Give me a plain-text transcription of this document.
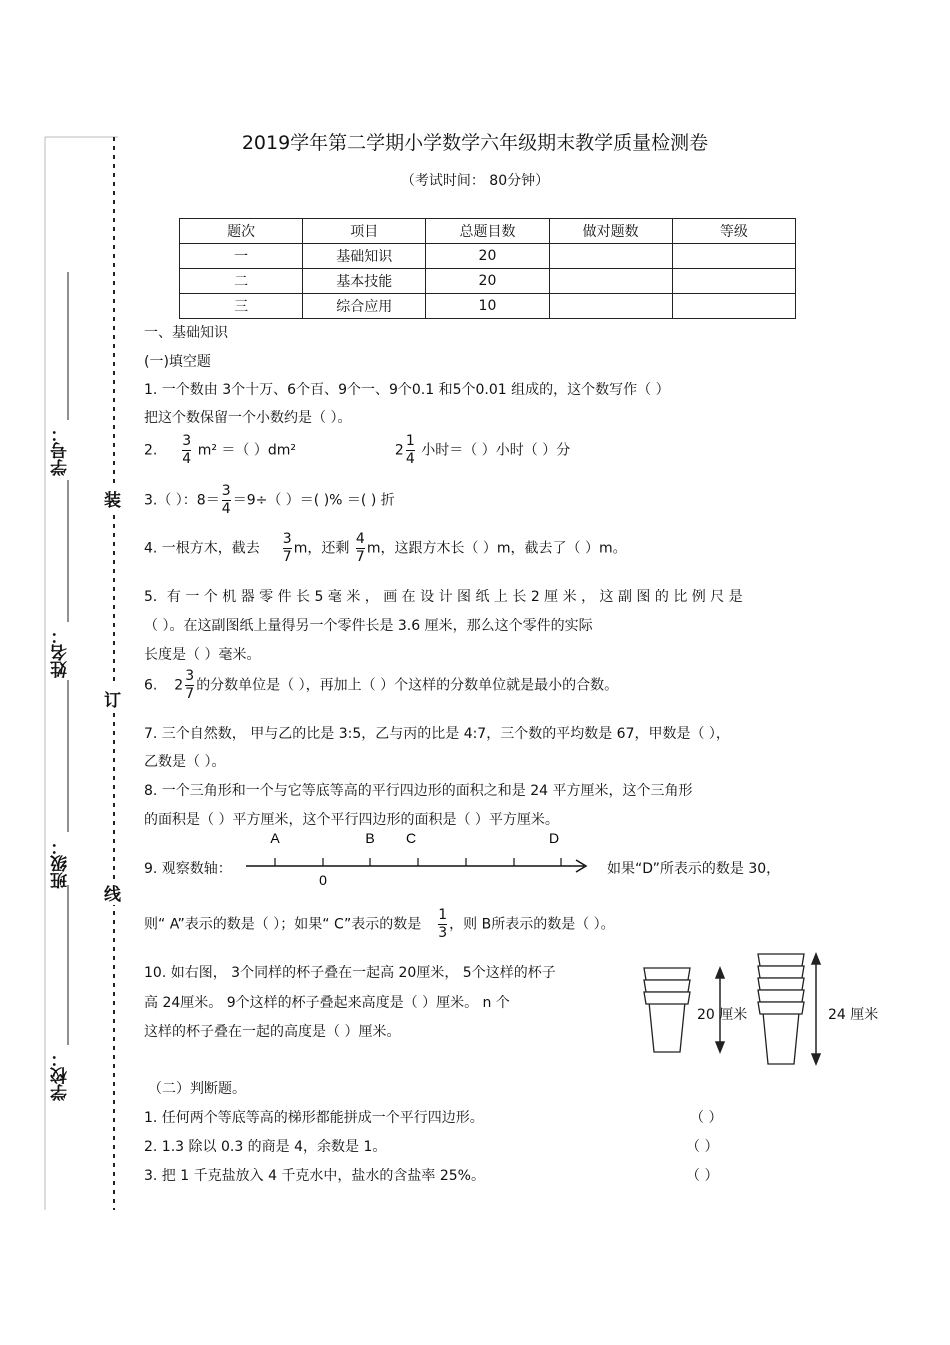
学号：
姓名：
班级：
学校：
装
订
线
2019学年第二学期小学数学六年级期末教学质量检测卷
（考试时间： 80分钟）
题次	项目	总题目数	做对题数	等级
一	基础知识	20		
二	基本技能	20		
三	综合应用	10		
一、基础知识
(一)填空题
1. 一个数由 3个十万、6个百、9个一、9个0.1 和5个0.01 组成的，这个数写作（ ）
把这个数保留一个小数约是（ ）。
2. $\frac{3}{4} m^2$ ＝（ ）dm²	$2 \frac{1}{4}$ 小时＝（ ）小时（ ）分
3.（ ）：$8= \frac{3}{4} =9\div$（ ）＝( )% ＝( ) 折
4. 一根方木，截去 $\frac{3}{7}$ m，还剩 $\frac{4}{7}$ m，这跟方木长（ ）m，截去了（ ）m。
5．有 一 个 机 器 零 件 长 5 毫 米 ， 画 在 设 计 图 纸 上 长 2 厘 米 ， 这 副 图 的 比 例 尺 是
（ ）。在这副图纸上量得另一个零件长是 3.6 厘米，那么这个零件的实际
长度是（ ）毫米。
6. $2 \frac{3}{7}$ 的分数单位是（ ），再加上（ ）个这样的分数单位就是最小的合数。
7. 三个自然数， 甲与乙的比是 3:5，乙与丙的比是 4:7，三个数的平均数是 67，甲数是（ ），
乙数是（ ）。
8. 一个三角形和一个与它等底等高的平行四边形的面积之和是 24 平方厘米，这个三角形
的面积是（ ）平方厘米，这个平行四边形的面积是（ ）平方厘米。
9. 观察数轴：
A	B C	D
0
如果“D”所表示的数是 30，
则“ A”表示的数是（ ）；如果“ C”表示的数是 $\frac{1}{3}$ ，则 B所表示的数是（ ）。
10. 如右图， 3个同样的杯子叠在一起高 20厘米， 5个这样的杯子
高 24厘米。 9个这样的杯子叠起来高度是（ ）厘米。 n 个
这样的杯子叠在一起的高度是（ ）厘米。
20 厘米	24 厘米
（二）判断题。
1. 任何两个等底等高的梯形都能拼成一个平行四边形。	（ ）
2. 1.3 除以 0.3 的商是 4，余数是 1。	（ ）
3. 把 1 千克盐放入 4 千克水中，盐水的含盐率 25%。	（ ）
